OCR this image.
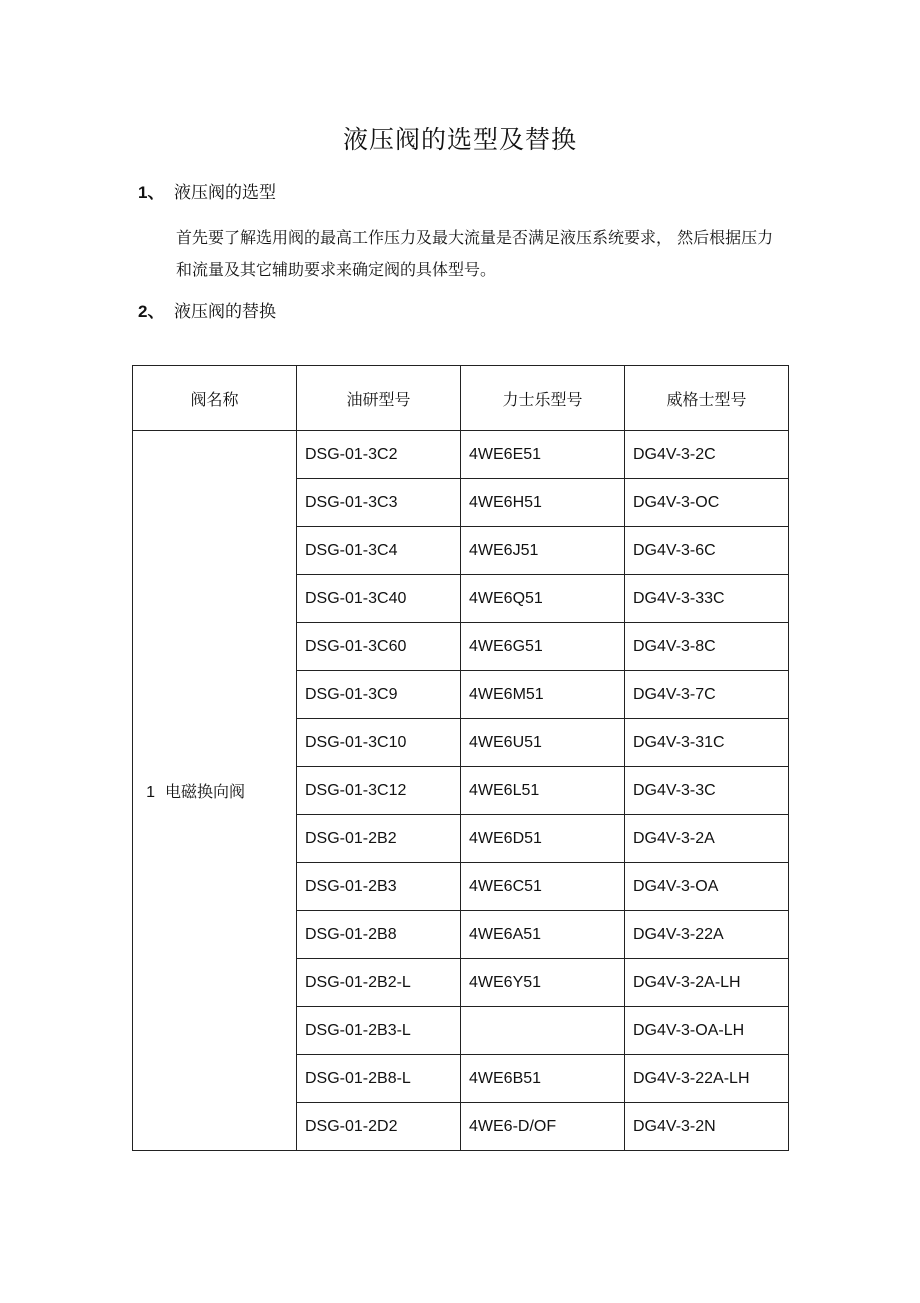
液压阀的选型及替换
1、 液压阀的选型
首先要了解选用阀的最高工作压力及最大流量是否满足液压系统要求， 然后根据压力和流量及其它辅助要求来确定阀的具体型号。
2、 液压阀的替换
阀名称	油研型号	力士乐型号	威格士型号
1 电磁换向阀	DSG-01-3C2	4WE6E51	DG4V-3-2C
	DSG-01-3C3	4WE6H51	DG4V-3-OC
	DSG-01-3C4	4WE6J51	DG4V-3-6C
	DSG-01-3C40	4WE6Q51	DG4V-3-33C
	DSG-01-3C60	4WE6G51	DG4V-3-8C
	DSG-01-3C9	4WE6M51	DG4V-3-7C
	DSG-01-3C10	4WE6U51	DG4V-3-31C
	DSG-01-3C12	4WE6L51	DG4V-3-3C
	DSG-01-2B2	4WE6D51	DG4V-3-2A
	DSG-01-2B3	4WE6C51	DG4V-3-OA
	DSG-01-2B8	4WE6A51	DG4V-3-22A
	DSG-01-2B2-L	4WE6Y51	DG4V-3-2A-LH
	DSG-01-2B3-L		DG4V-3-OA-LH
	DSG-01-2B8-L	4WE6B51	DG4V-3-22A-LH
	DSG-01-2D2	4WE6-D/OF	DG4V-3-2N
